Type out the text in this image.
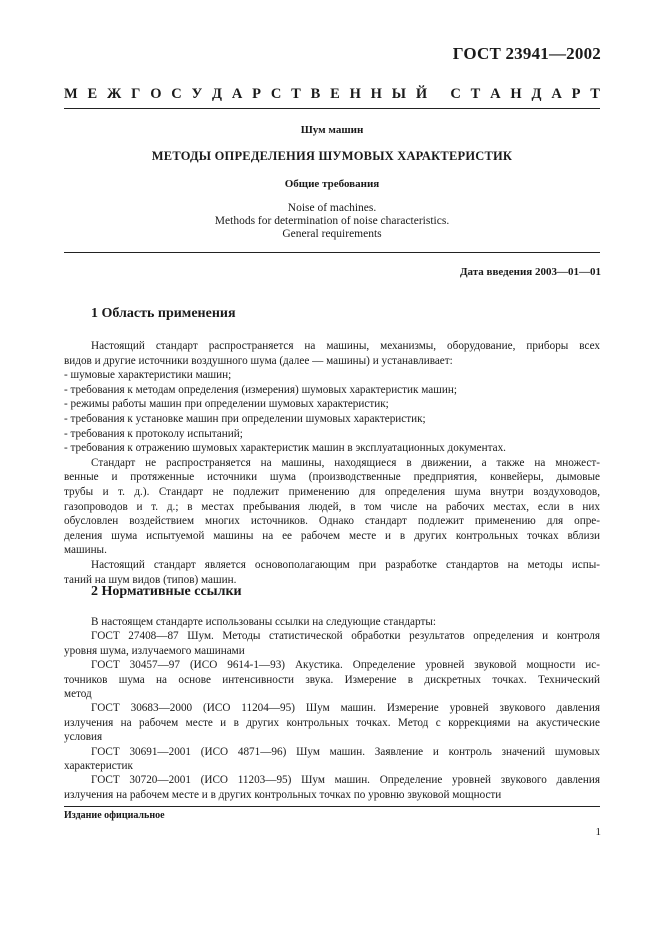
ГОСТ 23941—2002
М Е Ж Г О С У Д А Р С Т В Е Н Н Ы Й
С Т А Н Д А Р Т
Шум машин
МЕТОДЫ ОПРЕДЕЛЕНИЯ ШУМОВЫХ ХАРАКТЕРИСТИК
Общие требования
Noise of machines.
Methods for determination of noise characteristics.
General requirements
Дата введения 2003—01—01
1 Область применения
Настоящий стандарт распространяется на машины, механизмы, оборудование, приборы всех
видов и другие источники воздушного шума (далее — машины) и устанавливает:
- шумовые характеристики машин;
- требования к методам определения (измерения) шумовых характеристик машин;
- режимы работы машин при определении шумовых характеристик;
- требования к установке машин при определении шумовых характеристик;
- требования к протоколу испытаний;
- требования к отражению шумовых характеристик машин в эксплуатационных документах.
Стандарт не распространяется на машины, находящиеся в движении, а также на множест-
венные и протяженные источники шума (производственные предприятия, конвейеры, дымовые
трубы и т. д.). Стандарт не подлежит применению для определения шума внутри воздуховодов,
газопроводов и т. д.; в местах пребывания людей, в том числе на рабочих местах, если в них
обусловлен воздействием многих источников. Однако стандарт подлежит применению для опре-
деления шума испытуемой машины на ее рабочем месте и в других контрольных точках вблизи
машины.
Настоящий стандарт является основополагающим при разработке стандартов на методы испы-
таний на шум видов (типов) машин.
2 Нормативные ссылки
В настоящем стандарте использованы ссылки на следующие стандарты:
ГОСТ 27408—87 Шум. Методы статистической обработки результатов определения и контроля
уровня шума, излучаемого машинами
ГОСТ 30457—97 (ИСО 9614-1—93) Акустика. Определение уровней звуковой мощности ис-
точников шума на основе интенсивности звука. Измерение в дискретных точках. Технический
метод
ГОСТ 30683—2000 (ИСО 11204—95) Шум машин. Измерение уровней звукового давления
излучения на рабочем месте и в других контрольных точках. Метод с коррекциями на акустические
условия
ГОСТ 30691—2001 (ИСО 4871—96) Шум машин. Заявление и контроль значений шумовых
характеристик
ГОСТ 30720—2001 (ИСО 11203—95) Шум машин. Определение уровней звукового давления
излучения на рабочем месте и в других контрольных точках по уровню звуковой мощности
Издание официальное
1
